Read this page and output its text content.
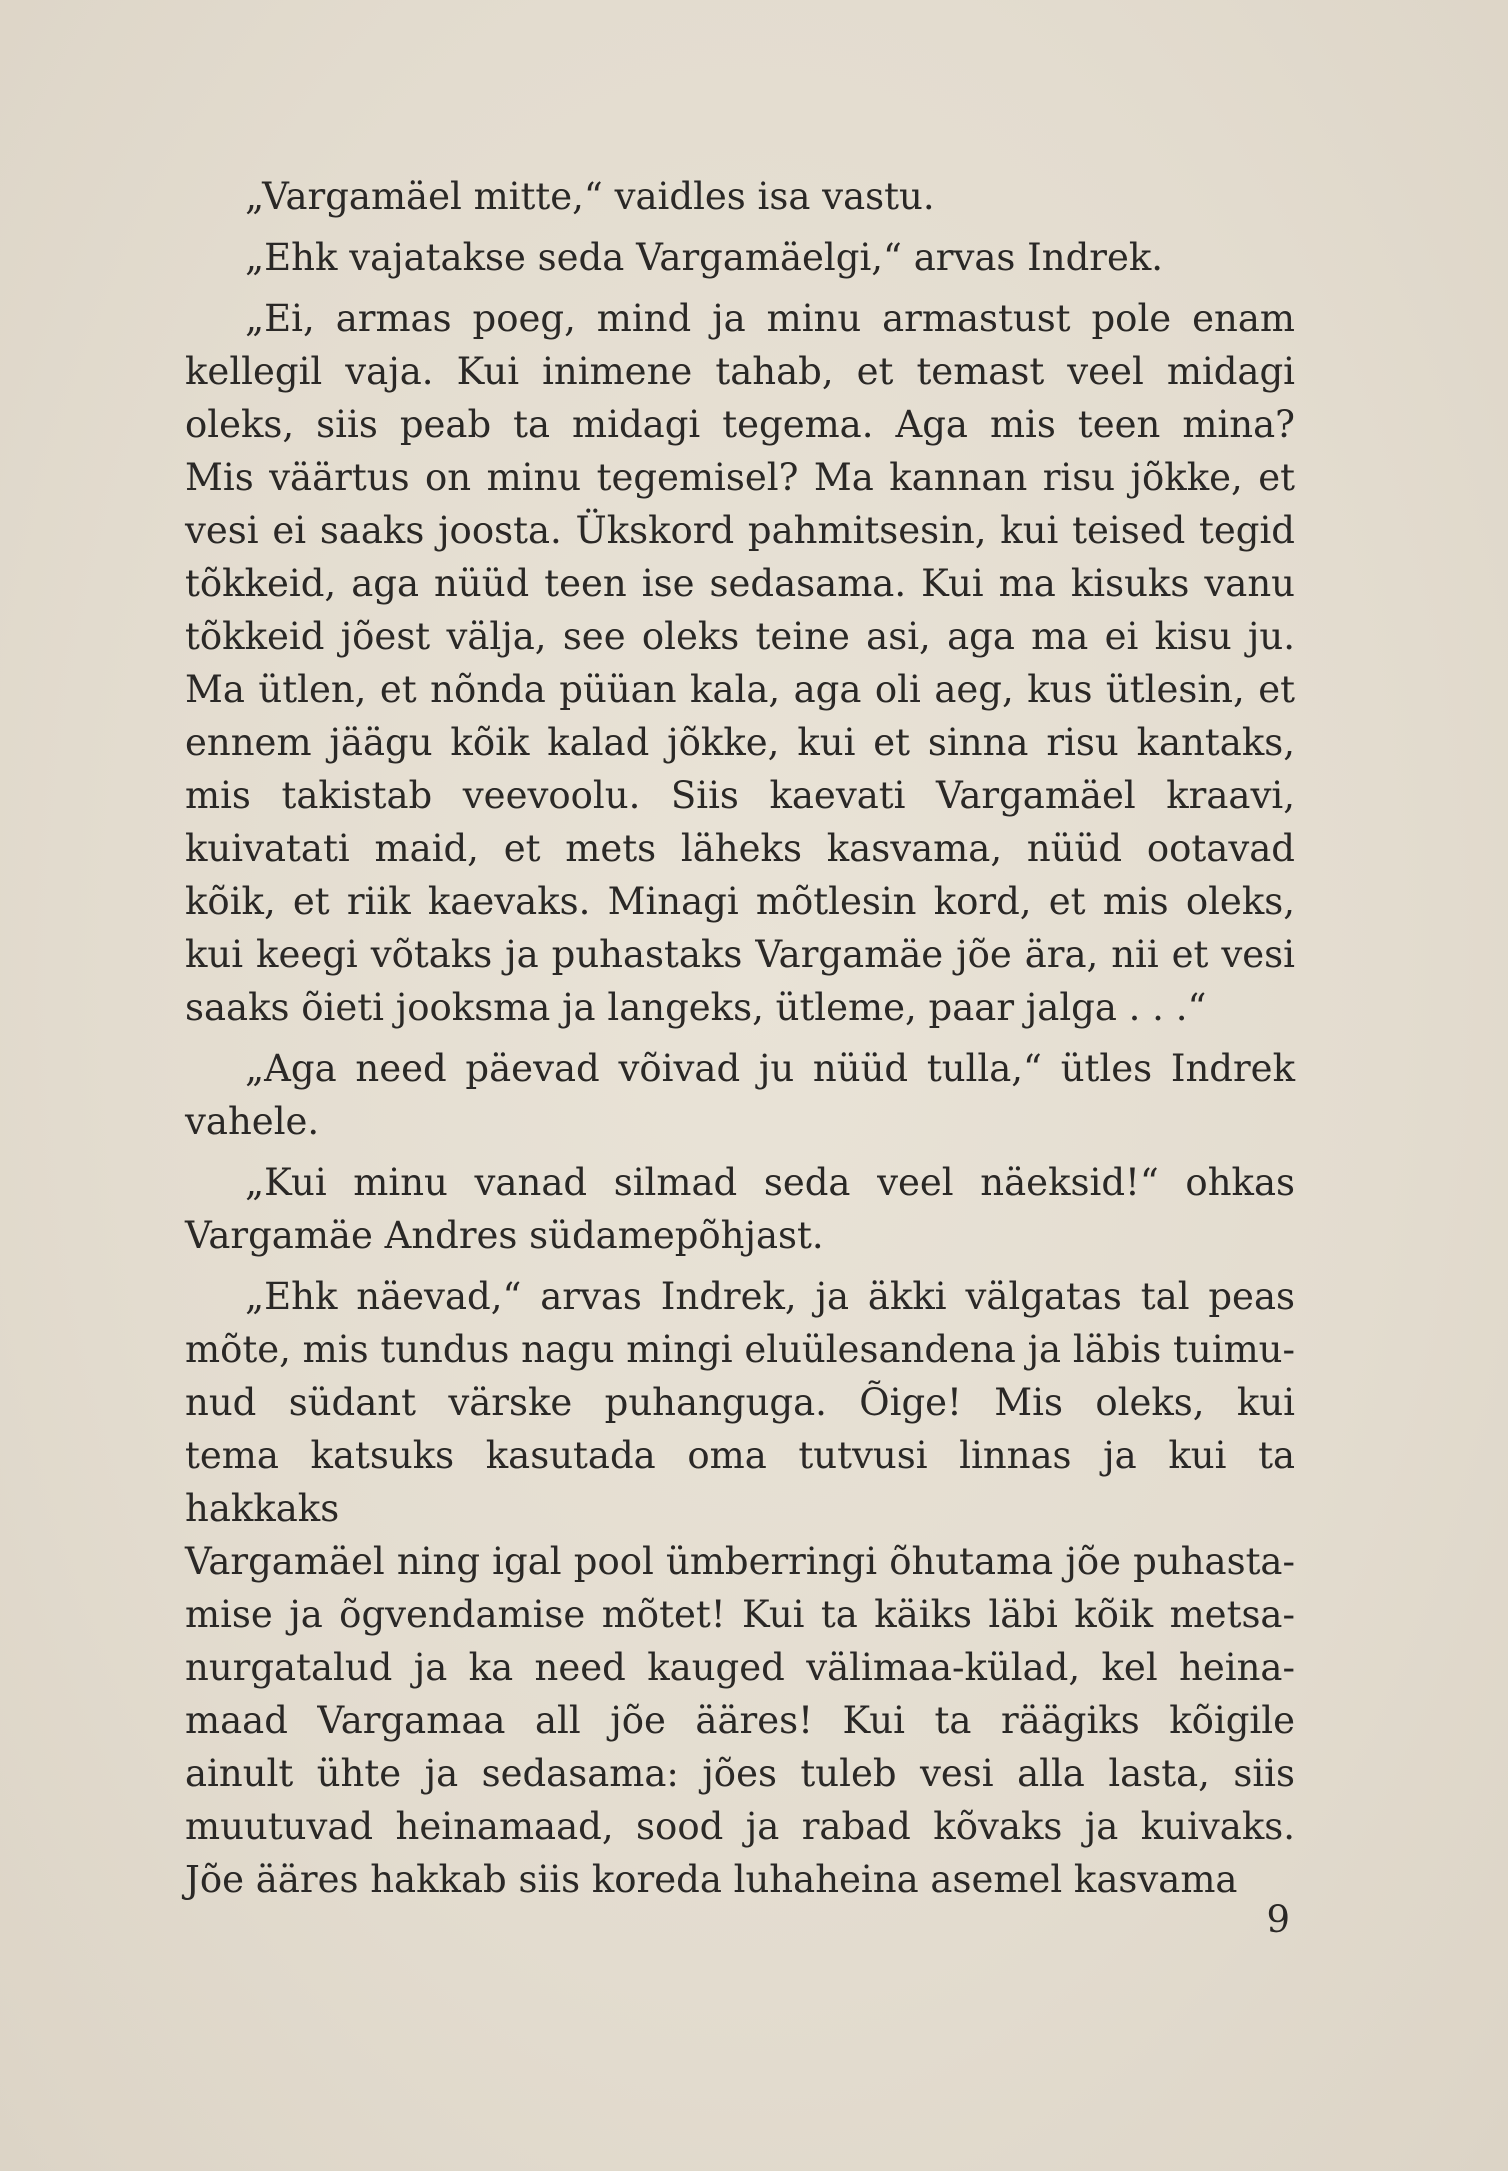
„Vargamäel mitte,“ vaidles isa vastu.

„Ehk vajatakse seda Vargamäelgi,“ arvas Indrek.

„Ei, armas poeg, mind ja minu armastust pole enam
kellegil vaja. Kui inimene tahab, et temast veel midagi
oleks, siis peab ta midagi tegema. Aga mis teen mina?
Mis väärtus on minu tegemisel? Ma kannan risu jõkke, et
vesi ei saaks joosta. Ükskord pahmitsesin, kui teised tegid
tõkkeid, aga nüüd teen ise sedasama. Kui ma kisuks vanu
tõkkeid jõest välja, see oleks teine asi, aga ma ei kisu ju.
Ma ütlen, et nõnda püüan kala, aga oli aeg, kus ütlesin, et
ennem jäägu kõik kalad jõkke, kui et sinna risu kantaks,
mis takistab veevoolu. Siis kaevati Vargamäel kraavi,
kuivatati maid, et mets läheks kasvama, nüüd ootavad
kõik, et riik kaevaks. Minagi mõtlesin kord, et mis oleks,
kui keegi võtaks ja puhastaks Vargamäe jõe ära, nii et vesi
saaks õieti jooksma ja langeks, ütleme, paar jalga . . .“

„Aga need päevad võivad ju nüüd tulla,“ ütles Indrek
vahele.

„Kui minu vanad silmad seda veel näeksid!“ ohkas
Vargamäe Andres südamepõhjast.

„Ehk näevad,“ arvas Indrek, ja äkki välgatas tal peas
mõte, mis tundus nagu mingi eluülesandena ja läbis tuimu-
nud südant värske puhanguga. Õige! Mis oleks, kui
tema katsuks kasutada oma tutvusi linnas ja kui ta hakkaks
Vargamäel ning igal pool ümberringi õhutama jõe puhasta-
mise ja õgvendamise mõtet! Kui ta käiks läbi kõik metsa-
nurgatalud ja ka need kauged välimaa-külad, kel heina-
maad Vargamaa all jõe ääres! Kui ta räägiks kõigile
ainult ühte ja sedasama: jões tuleb vesi alla lasta, siis
muutuvad heinamaad, sood ja rabad kõvaks ja kuivaks.
Jõe ääres hakkab siis koreda luhaheina asemel kasvama

9
